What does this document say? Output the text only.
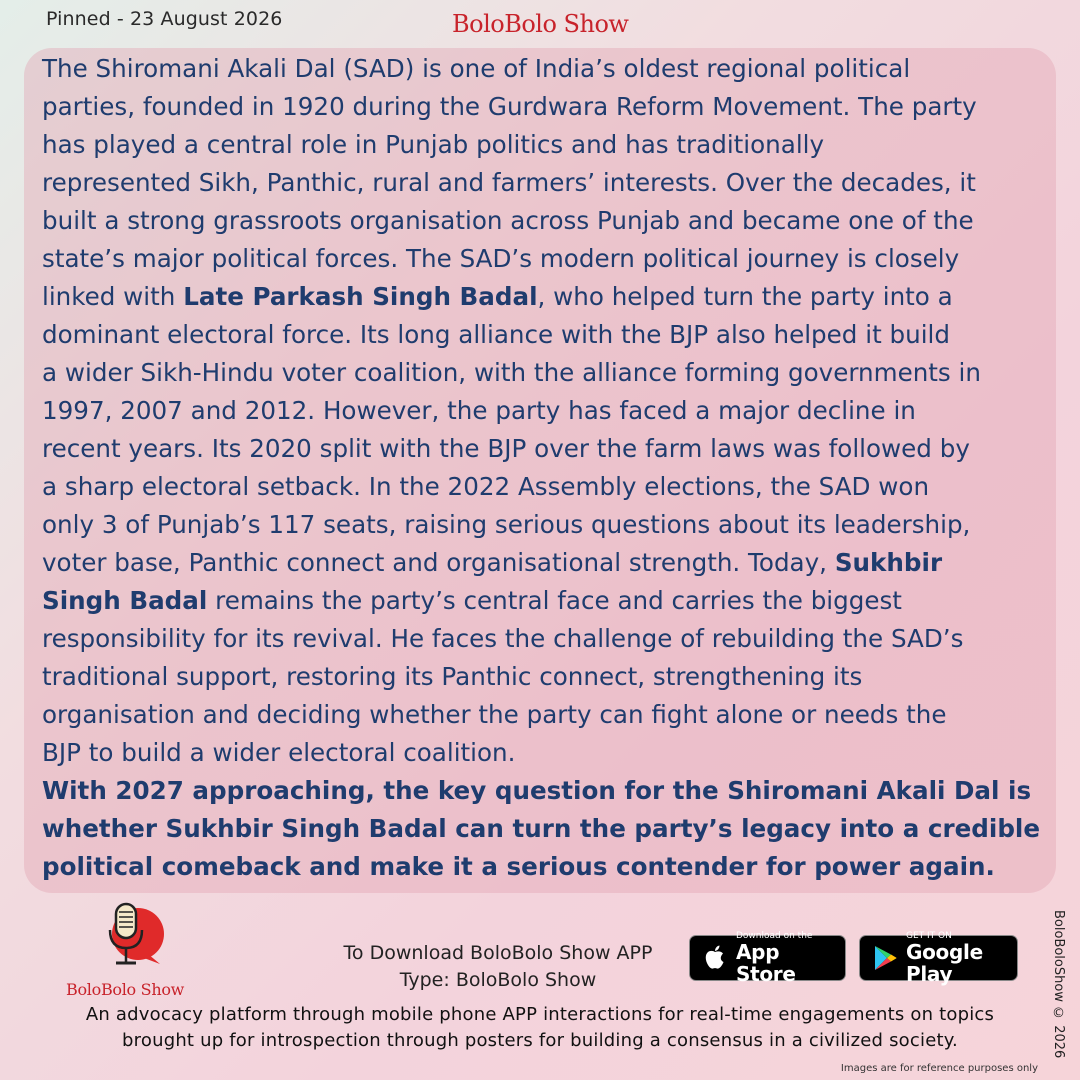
Pinned - 23 August 2026	BoloBolo Show
The Shiromani Akali Dal (SAD) is one of India’s oldest regional political
parties, founded in 1920 during the Gurdwara Reform Movement. The party
has played a central role in Punjab politics and has traditionally
represented Sikh, Panthic, rural and farmers’ interests. Over the decades, it
built a strong grassroots organisation across Punjab and became one of the
state’s major political forces. The SAD’s modern political journey is closely
linked with Late Parkash Singh Badal, who helped turn the party into a
dominant electoral force. Its long alliance with the BJP also helped it build
a wider Sikh-Hindu voter coalition, with the alliance forming governments in
1997, 2007 and 2012. However, the party has faced a major decline in
recent years. Its 2020 split with the BJP over the farm laws was followed by
a sharp electoral setback. In the 2022 Assembly elections, the SAD won
only 3 of Punjab’s 117 seats, raising serious questions about its leadership,
voter base, Panthic connect and organisational strength. Today, Sukhbir
Singh Badal remains the party’s central face and carries the biggest
responsibility for its revival. He faces the challenge of rebuilding the SAD’s
traditional support, restoring its Panthic connect, strengthening its
organisation and deciding whether the party can fight alone or needs the
BJP to build a wider electoral coalition.
With 2027 approaching, the key question for the Shiromani Akali Dal is
whether Sukhbir Singh Badal can turn the party’s legacy into a credible
political comeback and make it a serious contender for power again.
BoloBolo Show
To Download BoloBolo Show APP
Type: BoloBolo Show
Download on the
App Store
GET IT ON
Google Play
An advocacy platform through mobile phone APP interactions for real-time engagements on topics
brought up for introspection through posters for building a consensus in a civilized society.	BoloBoloShow © 2026
Images are for reference purposes only
